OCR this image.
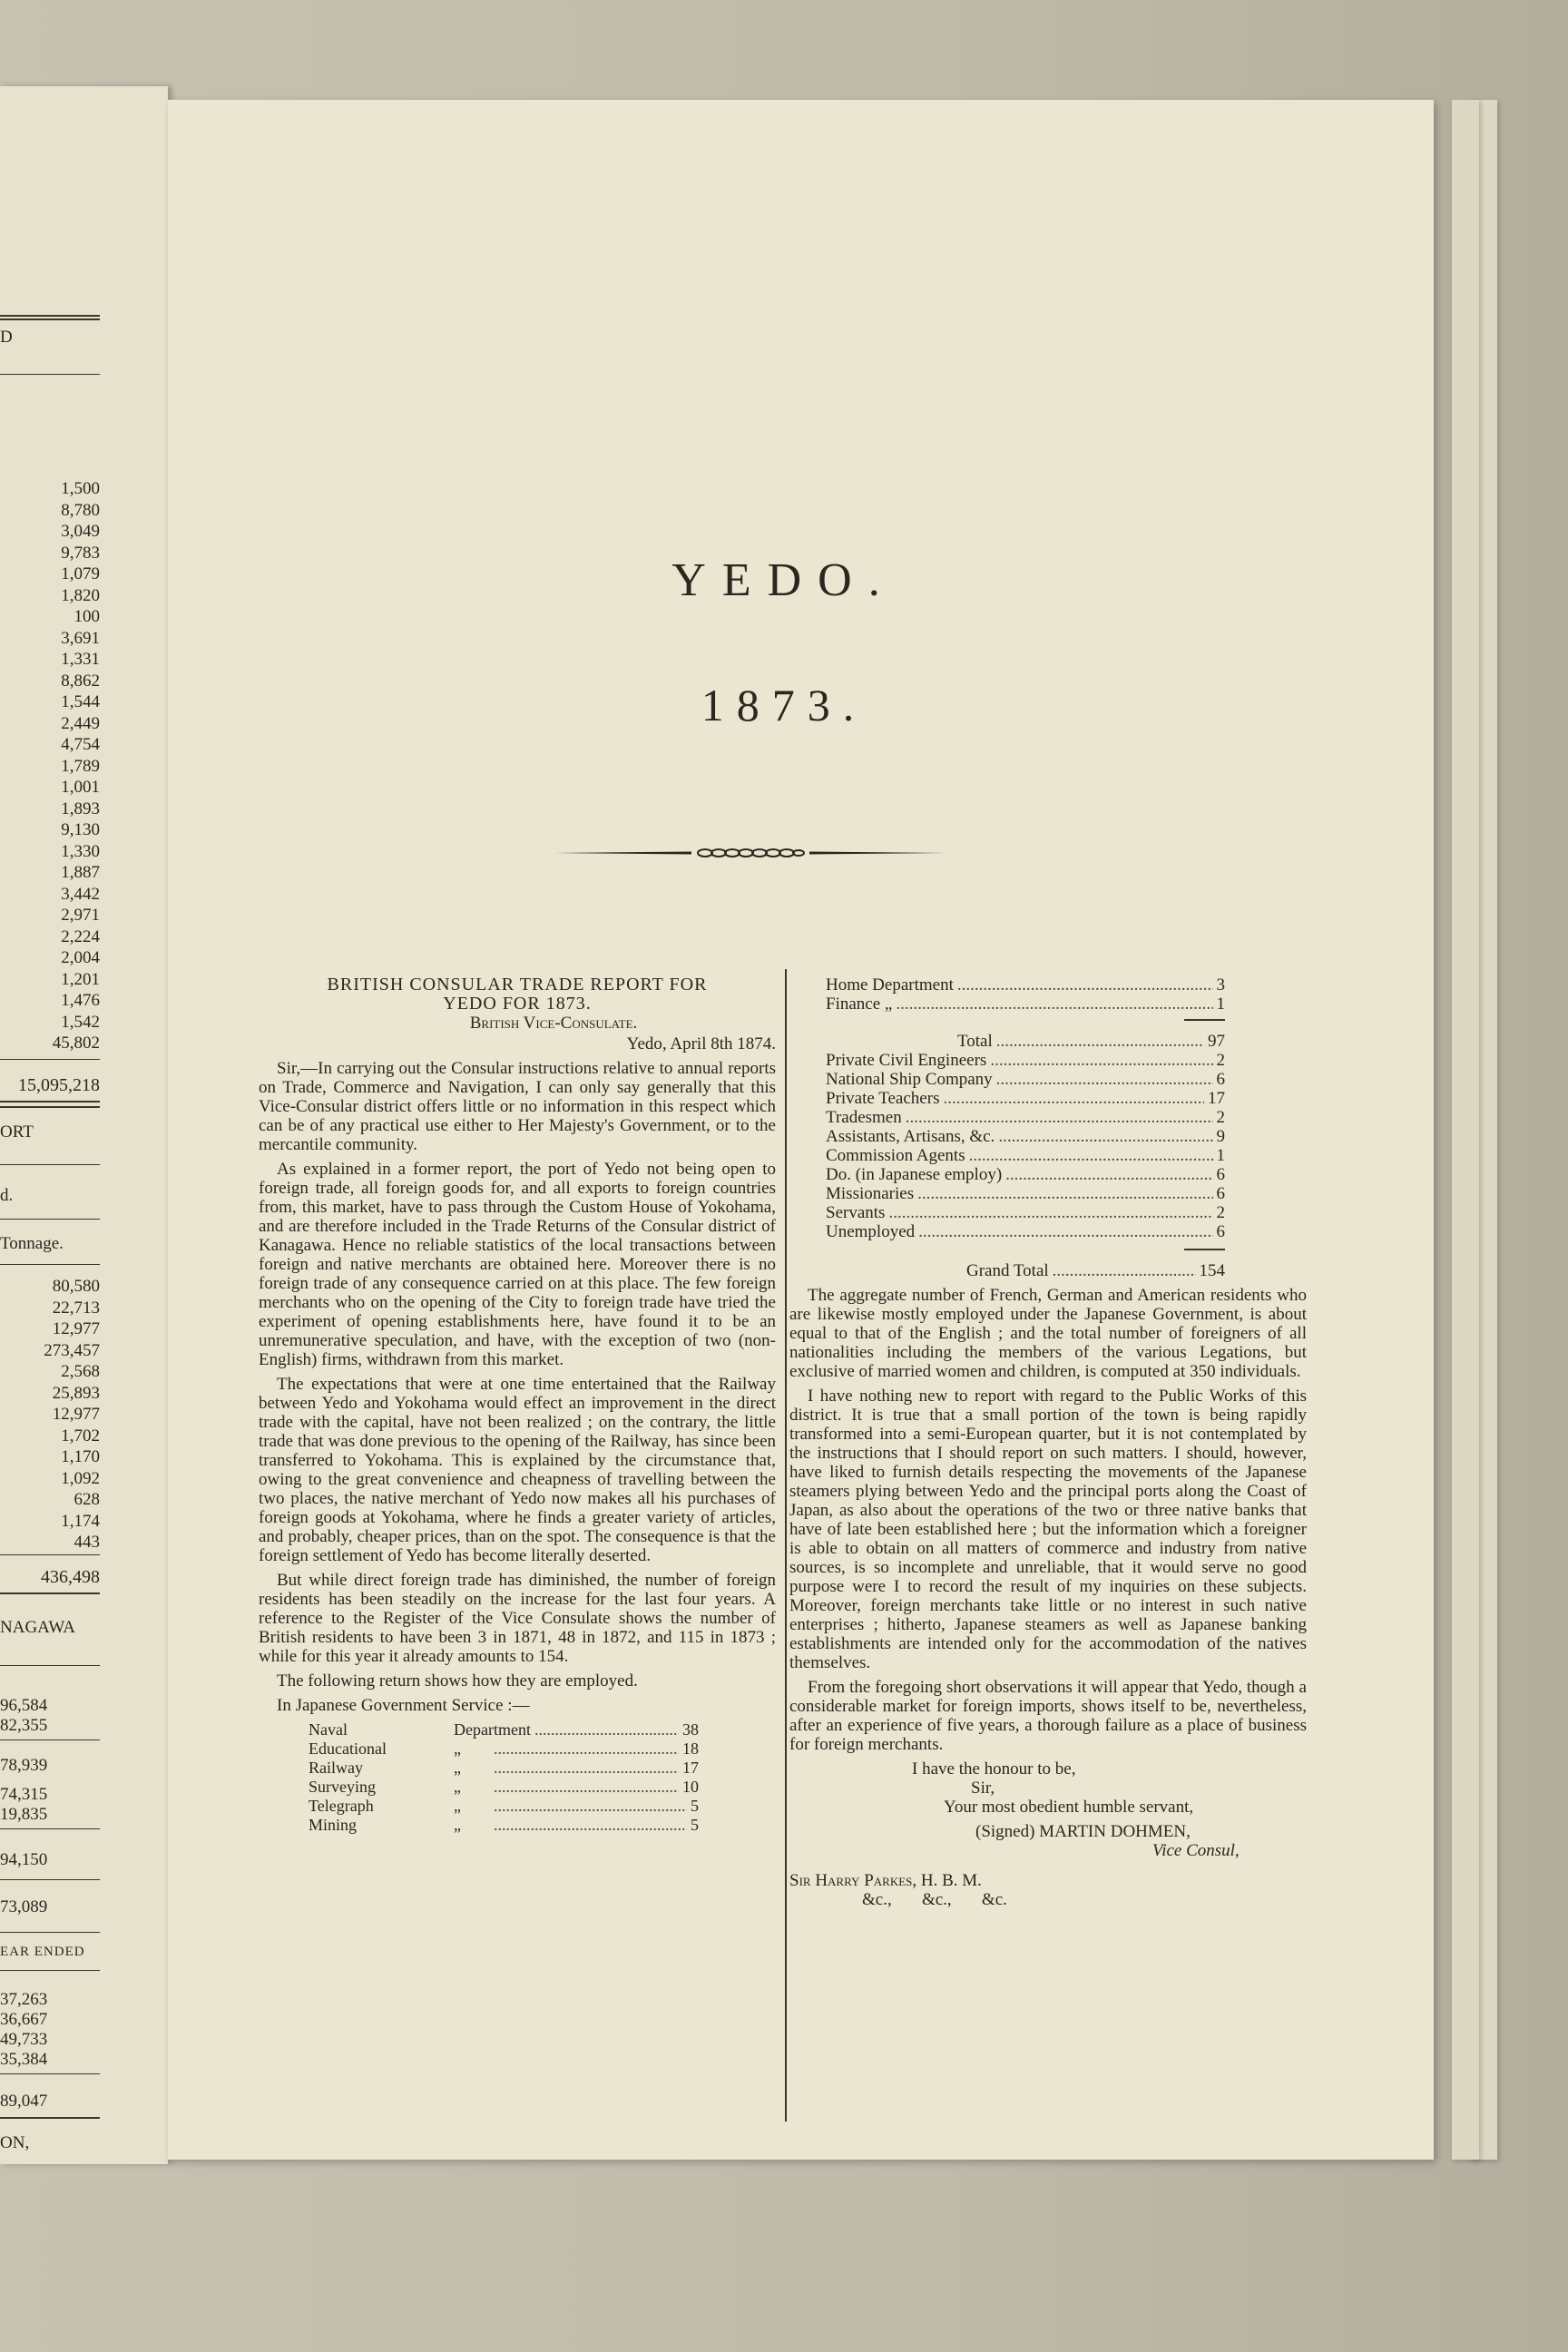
D
1,500
8,780
3,049
9,783
1,079
1,820
100
3,691
1,331
8,862
1,544
2,449
4,754
1,789
1,001
1,893
9,130
1,330
1,887
3,442
2,971
2,224
2,004
1,201
1,476
1,542
45,802
15,095,218
ORT
d.
Tonnage.
80,580
22,713
12,977
273,457
2,568
25,893
12,977
1,702
1,170
1,092
628
1,174
443
436,498
NAGAWA
96,584
82,355
78,939
74,315
19,835
94,150
73,089
EAR ENDED
37,263
36,667
49,733
35,384
89,047
ON,
YEDO.
1873.
BRITISH CONSULAR TRADE REPORT FOR
YEDO FOR 1873.
British Vice-Consulate.
Yedo, April 8th 1874.

Sir,—In carrying out the Consular instructions relative to annual reports on Trade, Commerce and Navigation, I can only say generally that this Vice-Consular district offers little or no information in this respect which can be of any practical use either to Her Majesty's Government, or to the mercantile community.

As explained in a former report, the port of Yedo not being open to foreign trade, all foreign goods for, and all exports to foreign countries from, this market, have to pass through the Custom House of Yokohama, and are therefore included in the Trade Returns of the Consular district of Kanagawa. Hence no reliable statistics of the local transactions between foreign and native merchants are obtained here. Moreover there is no foreign trade of any consequence carried on at this place. The few foreign merchants who on the opening of the City to foreign trade have tried the experiment of opening establishments here, have found it to be an unremunerative speculation, and have, with the exception of two (non-English) firms, withdrawn from this market.

The expectations that were at one time entertained that the Railway between Yedo and Yokohama would effect an improvement in the direct trade with the capital, have not been realized ; on the contrary, the little trade that was done previous to the opening of the Railway, has since been transferred to Yokohama. This is explained by the circumstance that, owing to the great convenience and cheapness of travelling between the two places, the native merchant of Yedo now makes all his purchases of foreign goods at Yokohama, where he finds a greater variety of articles, and probably, cheaper prices, than on the spot. The consequence is that the foreign settlement of Yedo has become literally deserted.

But while direct foreign trade has diminished, the number of foreign residents has been steadily on the increase for the last four years. A reference to the Register of the Vice Consulate shows the number of British residents to have been 3 in 1871, 48 in 1872, and 115 in 1873 ; while for this year it already amounts to 154.

The following return shows how they are employed.

In Japanese Government Service :—

Naval	Department .....	38
Educational	„ .....	18
Railway	„ .....	17
Surveying	„ .....	10
Telegraph	„ .....	5
Mining	„ .....	5
Home Department .....	3
Finance „ .....	1
Total .....	97
Private Civil Engineers .....	2
National Ship Company .....	6
Private Teachers .....	17
Tradesmen .....	2
Assistants, Artisans, &c. .....	9
Commission Agents .....	1
Do. (in Japanese employ) .....	6
Missionaries .....	6
Servants .....	2
Unemployed .....	6
Grand Total .....	154

The aggregate number of French, German and American residents who are likewise mostly employed under the Japanese Government, is about equal to that of the English ; and the total number of foreigners of all nationalities including the members of the various Legations, but exclusive of married women and children, is computed at 350 individuals.

I have nothing new to report with regard to the Public Works of this district. It is true that a small portion of the town is being rapidly transformed into a semi-European quarter, but it is not contemplated by the instructions that I should report on such matters. I should, however, have liked to furnish details respecting the movements of the Japanese steamers plying between Yedo and the principal ports along the Coast of Japan, as also about the operations of the two or three native banks that have of late been established here ; but the information which a foreigner is able to obtain on all matters of commerce and industry from native sources, is so incomplete and unreliable, that it would serve no good purpose were I to record the result of my inquiries on these subjects. Moreover, foreign merchants take little or no interest in such native enterprises ; hitherto, Japanese steamers as well as Japanese banking establishments are intended only for the accommodation of the natives themselves.

From the foregoing short observations it will appear that Yedo, though a considerable market for foreign imports, shows itself to be, nevertheless, after an experience of five years, a thorough failure as a place of business for foreign merchants.

I have the honour to be,
Sir,
Your most obedient humble servant,
(Signed) MARTIN DOHMEN,
Vice Consul,
Sir Harry Parkes, H. B. M.
&c.,       &c.,       &c.
